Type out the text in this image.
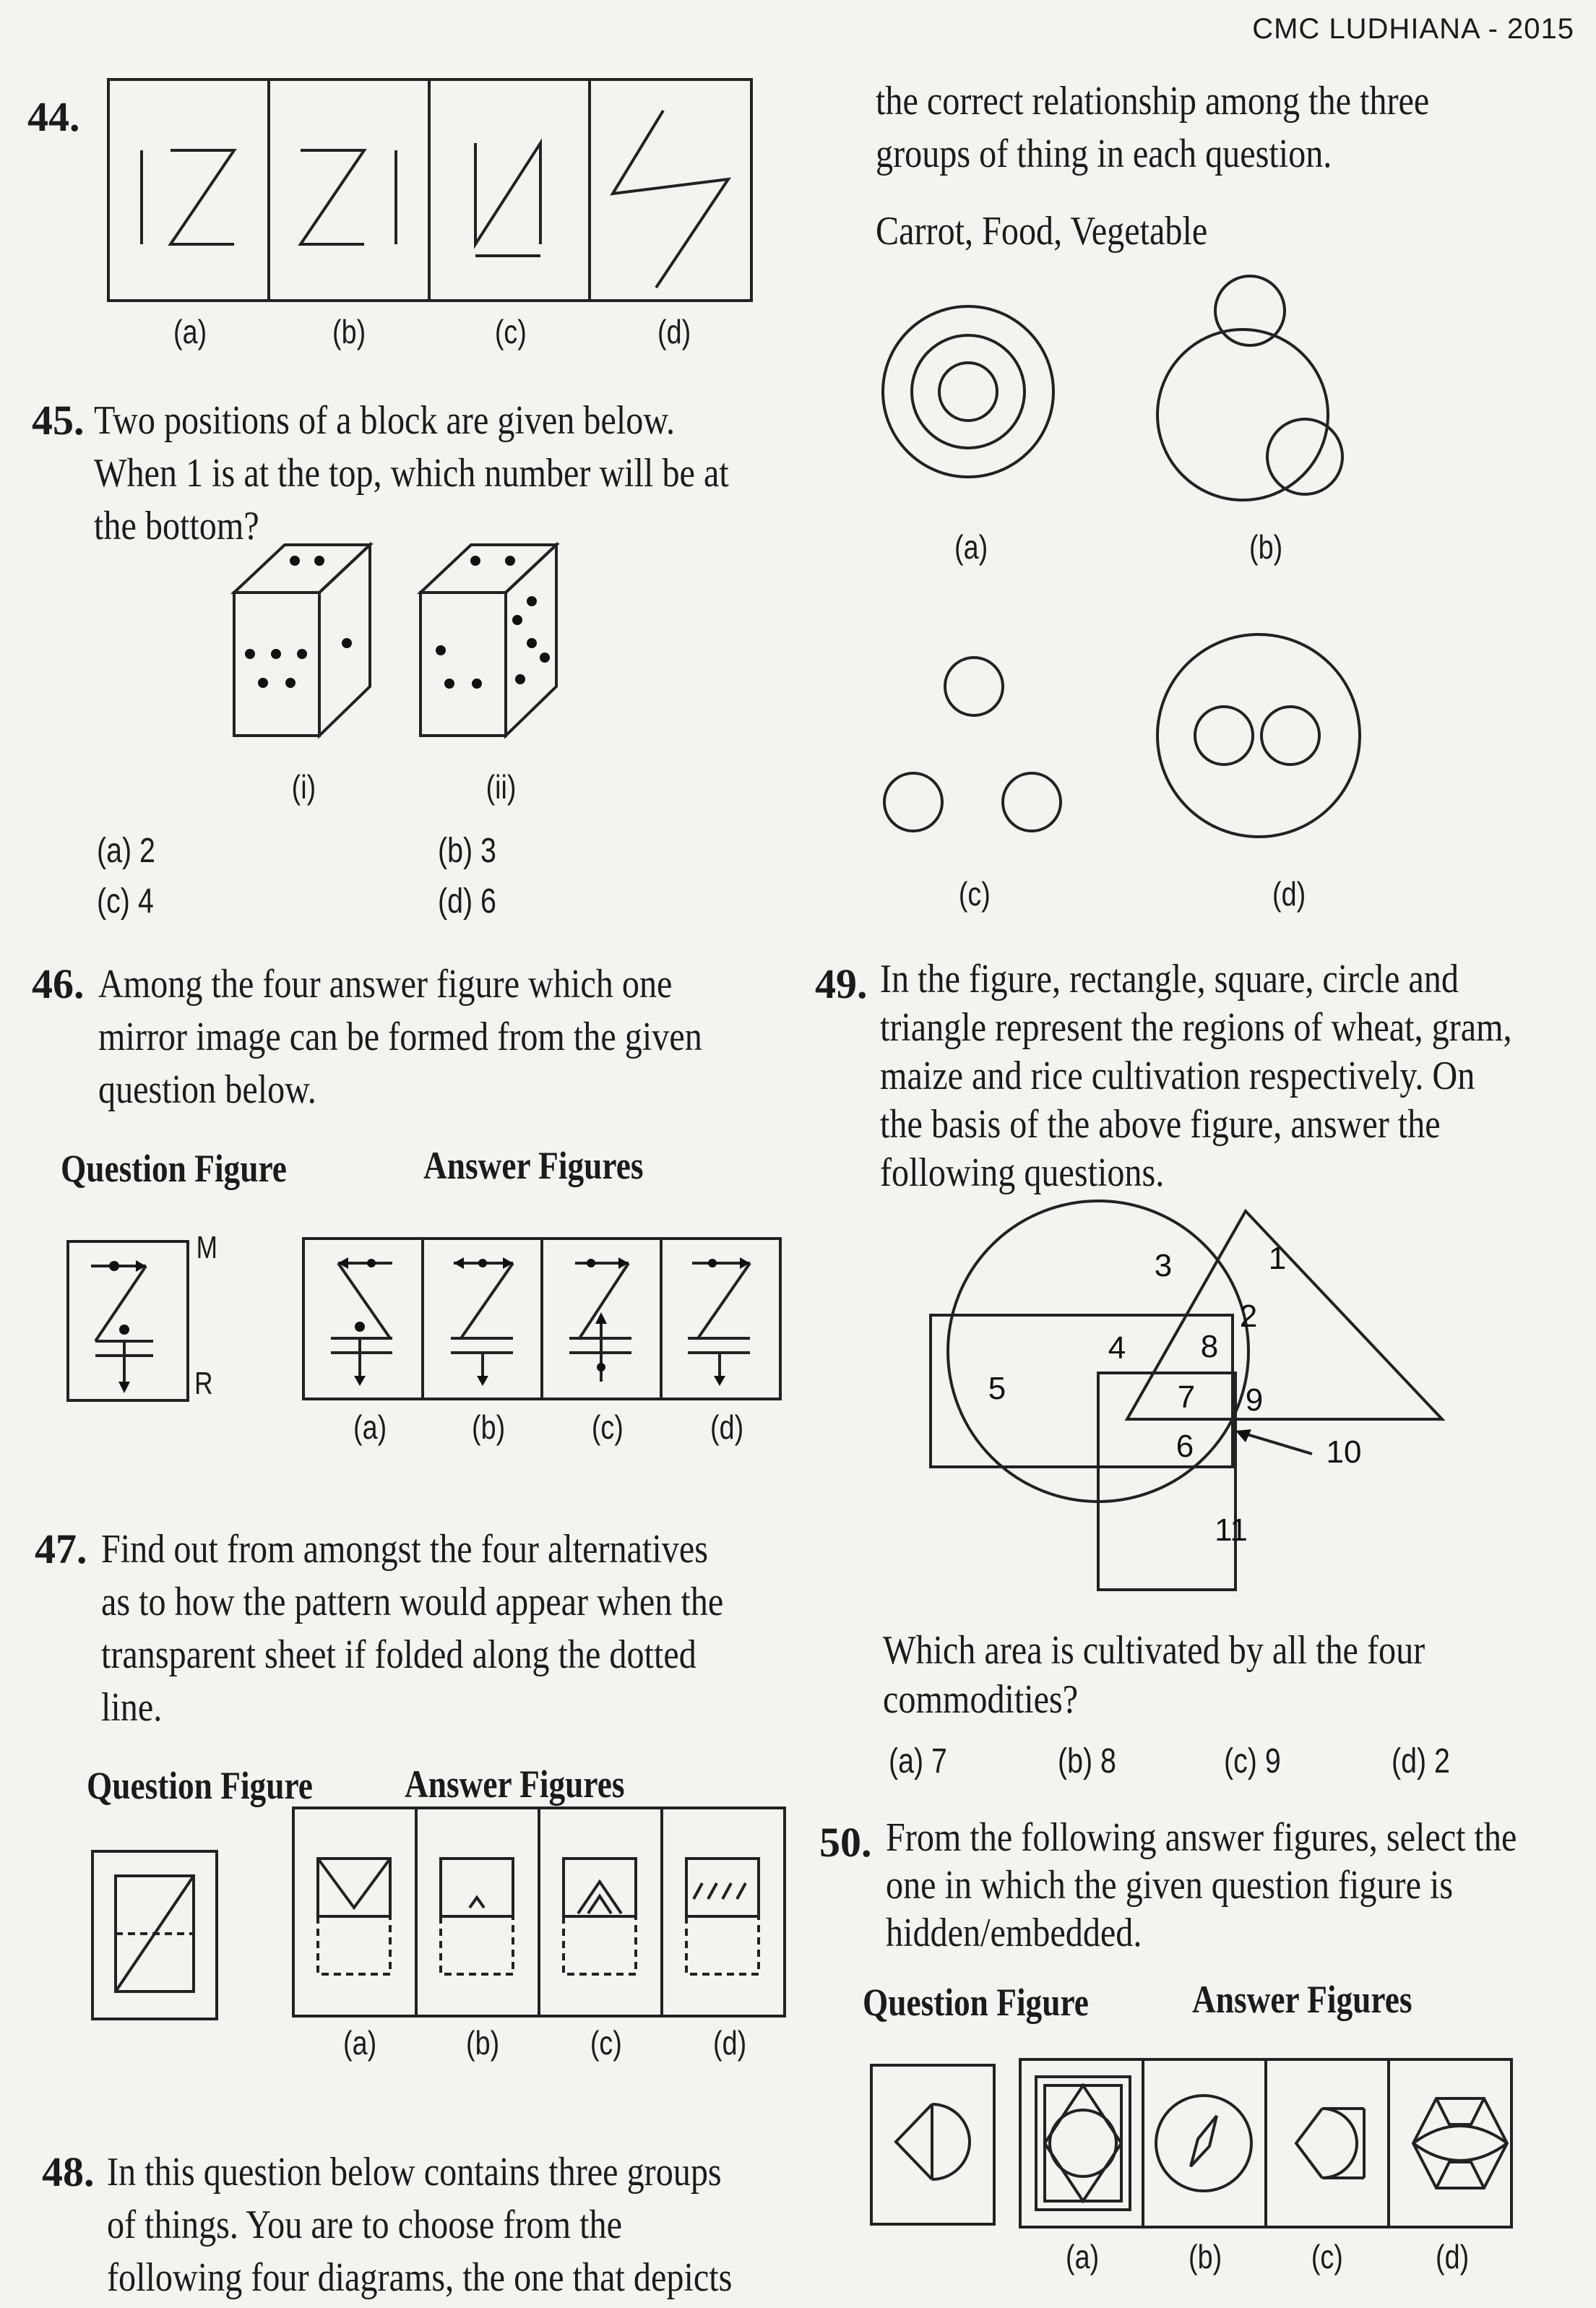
CMC LUDHIANA - 2015
44.
(a)	(b)	(c)	(d)
45. Two positions of a block are given below.
When 1 is at the top, which number will be at
the bottom?
(i)	(ii)
(a) 2	(b) 3
(c) 4	(d) 6
46. Among the four answer figure which one
mirror image can be formed from the given
question below.
Question Figure	Answer Figures
M
R
(a)	(b)	(c)	(d)
47. Find out from amongst the four alternatives
as to how the pattern would appear when the
transparent sheet if folded along the dotted
line.
Question Figure Answer Figures
(a)	(b)	(c)	(d)
48. In this question below contains three groups
of things. You are to choose from the
following four diagrams, the one that depicts
the correct relationship among the three
groups of thing in each question.
Carrot, Food, Vegetable
(a)	(b)
(c)	(d)
49. In the figure, rectangle, square, circle and
triangle represent the regions of wheat, gram,
maize and rice cultivation respectively. On
the basis of the above figure, answer the
following questions.
1
2
3
4
5
6
7
8
9
10
11
Which area is cultivated by all the four
commodities?
(a) 7	(b) 8	(c) 9	(d) 2
50. From the following answer figures, select the
one in which the given question figure is
hidden/embedded.
Question Figure	Answer Figures
(a)	(b)	(c)	(d)
